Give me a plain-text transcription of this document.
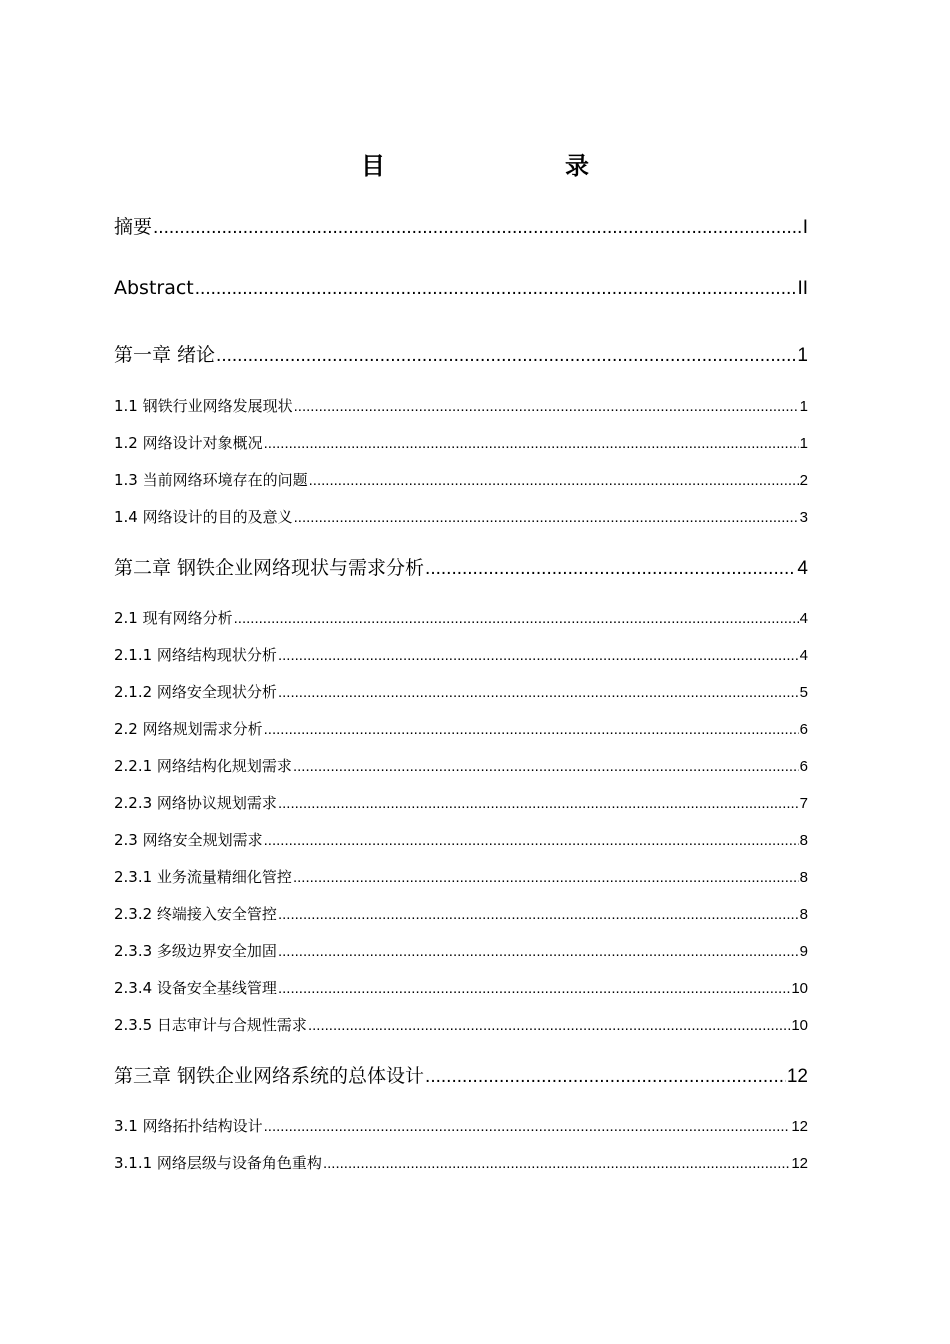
目　　录
摘要 .....	I
Abstract .....	II
第一章 绪论 .....	1
1.1 钢铁行业网络发展现状 .....	1
1.2 网络设计对象概况 .....	1
1.3 当前网络环境存在的问题 .....	2
1.4 网络设计的目的及意义 .....	3
第二章 钢铁企业网络现状与需求分析 .....	4
2.1 现有网络分析 .....	4
2.1.1 网络结构现状分析 .....	4
2.1.2 网络安全现状分析 .....	5
2.2 网络规划需求分析 .....	6
2.2.1 网络结构化规划需求 .....	6
2.2.3 网络协议规划需求 .....	7
2.3 网络安全规划需求 .....	8
2.3.1 业务流量精细化管控 .....	8
2.3.2 终端接入安全管控 .....	8
2.3.3 多级边界安全加固 .....	9
2.3.4 设备安全基线管理 .....	10
2.3.5 日志审计与合规性需求 .....	10
第三章 钢铁企业网络系统的总体设计 .....	12
3.1 网络拓扑结构设计 .....	12
3.1.1 网络层级与设备角色重构 .....	12
